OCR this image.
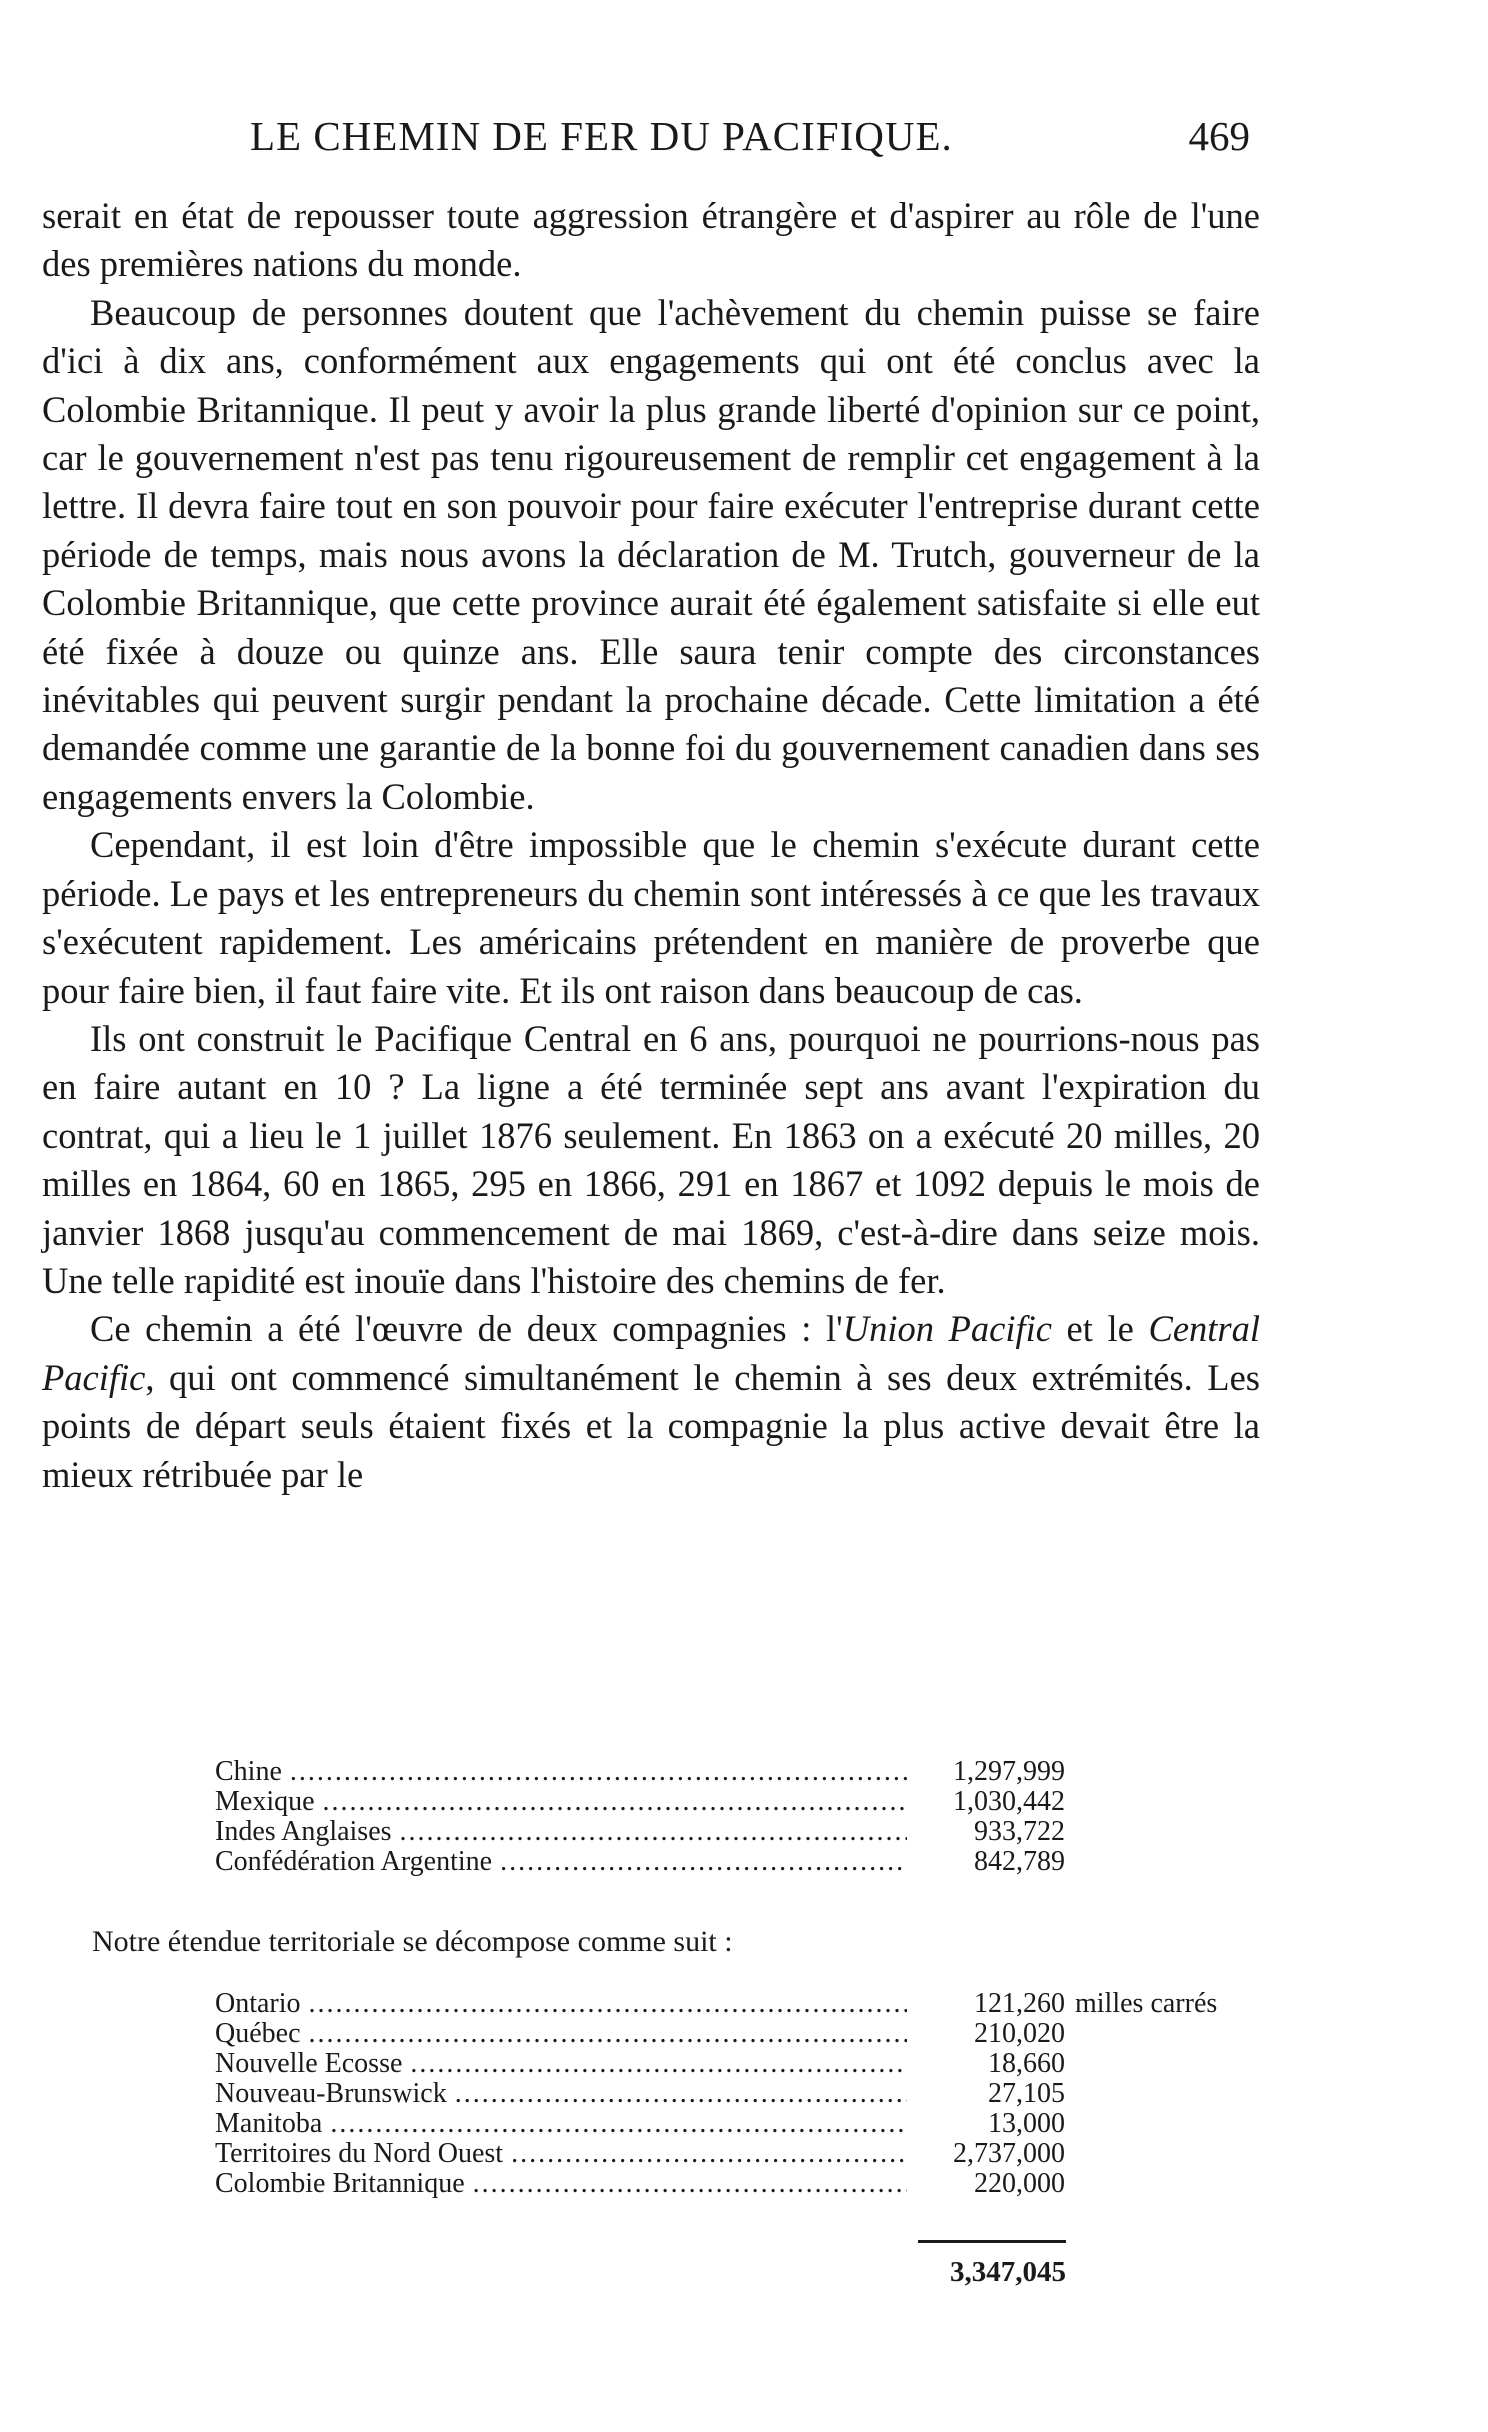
LE CHEMIN DE FER DU PACIFIQUE.	469

serait en état de repousser toute aggression étrangère et d'aspirer au rôle de l'une des premières nations du monde.

Beaucoup de personnes doutent que l'achèvement du chemin puisse se faire d'ici à dix ans, conformément aux engagements qui ont été conclus avec la Colombie Britannique. Il peut y avoir la plus grande liberté d'opinion sur ce point, car le gouvernement n'est pas tenu rigoureusement de remplir cet engagement à la lettre. Il devra faire tout en son pouvoir pour faire exécuter l'entreprise durant cette période de temps, mais nous avons la déclaration de M. Trutch, gouverneur de la Colombie Britannique, que cette province aurait été également satisfaite si elle eut été fixée à douze ou quinze ans. Elle saura tenir compte des circonstances inévitables qui peuvent surgir pendant la prochaine décade. Cette limitation a été demandée comme une garantie de la bonne foi du gouvernement canadien dans ses engagements envers la Colombie.

Cependant, il est loin d'être impossible que le chemin s'exécute durant cette période. Le pays et les entrepreneurs du chemin sont intéressés à ce que les travaux s'exécutent rapidement. Les américains prétendent en manière de proverbe que pour faire bien, il faut faire vite. Et ils ont raison dans beaucoup de cas.

Ils ont construit le Pacifique Central en 6 ans, pourquoi ne pourrions-nous pas en faire autant en 10 ? La ligne a été terminée sept ans avant l'expiration du contrat, qui a lieu le 1 juillet 1876 seulement. En 1863 on a exécuté 20 milles, 20 milles en 1864, 60 en 1865, 295 en 1866, 291 en 1867 et 1092 depuis le mois de janvier 1868 jusqu'au commencement de mai 1869, c'est-à-dire dans seize mois. Une telle rapidité est inouïe dans l'histoire des chemins de fer.

Ce chemin a été l'œuvre de deux compagnies : l'Union Pacific et le Central Pacific, qui ont commencé simultanément le chemin à ses deux extrémités. Les points de départ seuls étaient fixés et la compagnie la plus active devait être la mieux rétribuée par le

Chine .....	1,297,999
Mexique .....	1,030,442
Indes Anglaises .....	933,722
Confédération Argentine .....	842,789
Notre étendue territoriale se décompose comme suit :
Ontario .....	121,260 milles carrés
Québec .....	210,020
Nouvelle Ecosse .....	18,660
Nouveau-Brunswick .....	27,105
Manitoba .....	13,000
Territoires du Nord Ouest .....	2,737,000
Colombie Britannique .....	220,000
3,347,045
